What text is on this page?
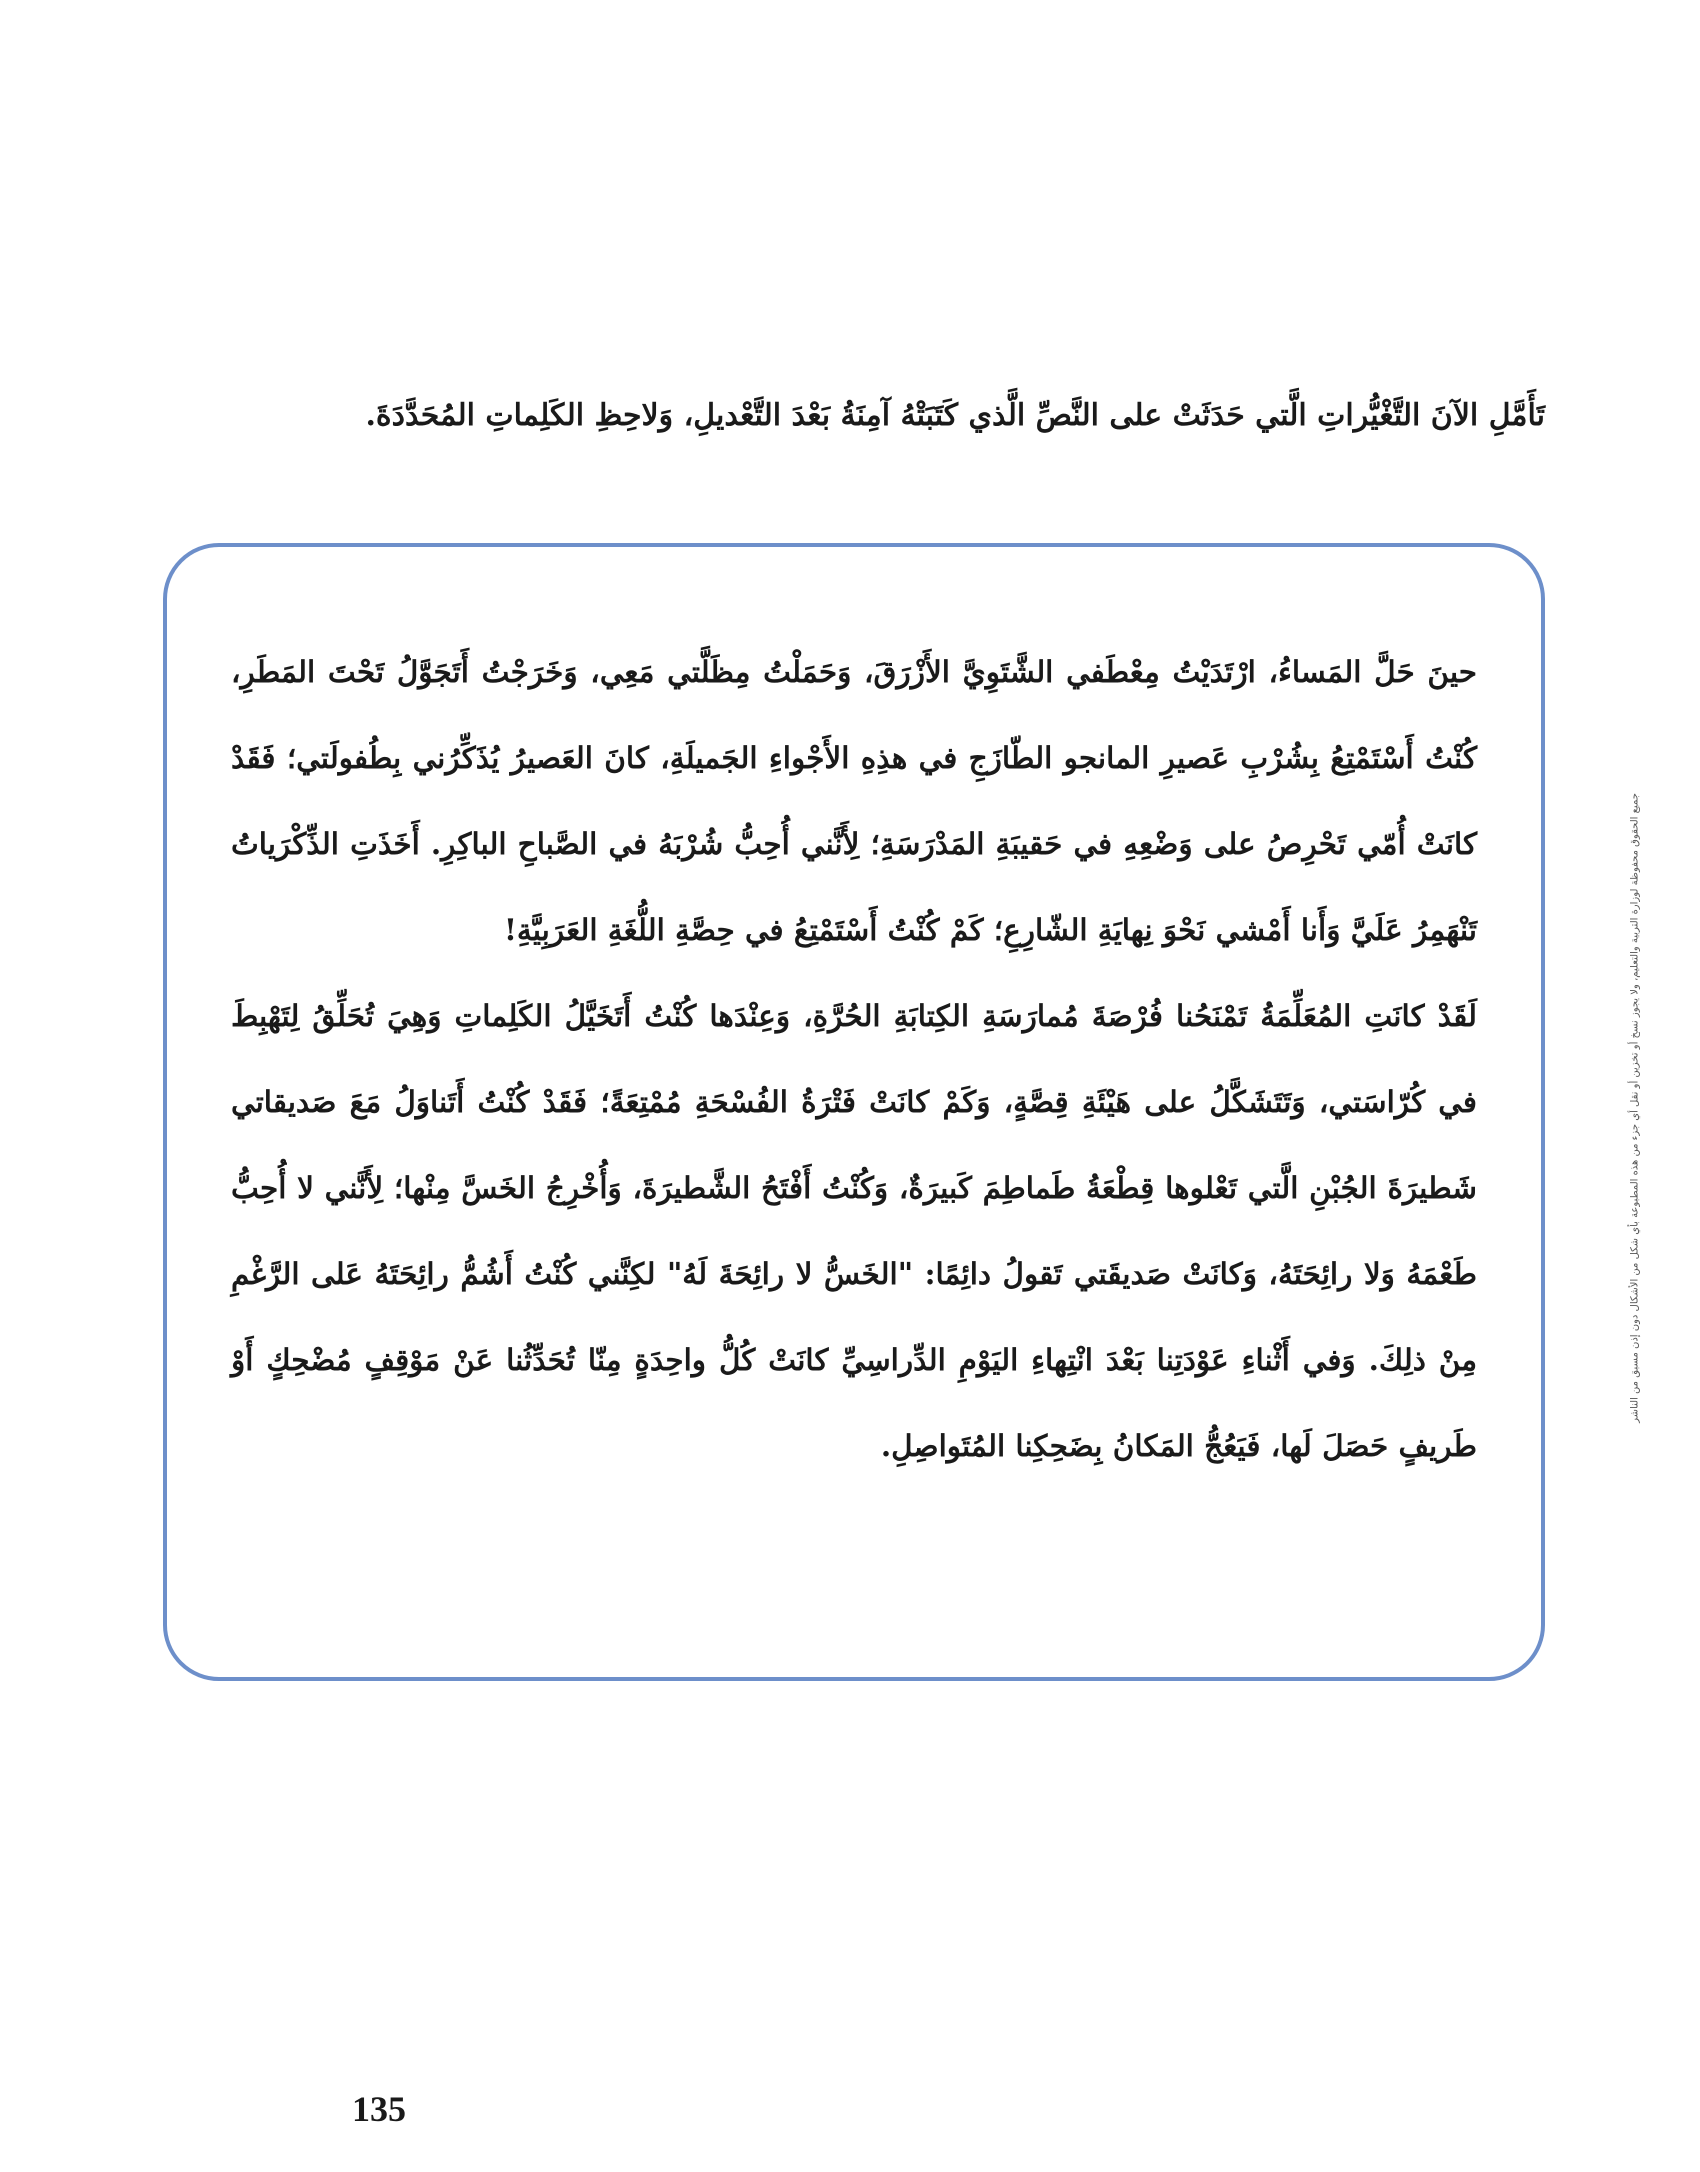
تَأَمَّلِ الآنَ التَّغْيُّراتِ الَّتي حَدَثَتْ على النَّصِّ الَّذي كَتَبَتْهُ آمِنَةُ بَعْدَ التَّعْديلِ، وَلاحِظِ الكَلِماتِ المُحَدَّدَةَ.

حينَ حَلَّ المَساءُ، ارْتَدَيْتُ مِعْطَفي الشَّتَوِيَّ الأَزْرَقَ، وَحَمَلْتُ مِظَلَّتي مَعِي، وَخَرَجْتُ أَتَجَوَّلُ تَحْتَ المَطَرِ، كُنْتُ أَسْتَمْتِعُ بِشُرْبِ عَصيرِ المانجو الطّازَجِ في هذِهِ الأَجْواءِ الجَميلَةِ، كانَ العَصيرُ يُذَكِّرُني بِطُفولَتي؛ فَقَدْ كانَتْ أُمّي تَحْرِصُ على وَضْعِهِ في حَقيبَةِ المَدْرَسَةِ؛ لِأَنَّني أُحِبُّ شُرْبَهُ في الصَّباحِ الباكِرِ. أَخَذَتِ الذِّكْرَياتُ تَنْهَمِرُ عَلَيَّ وَأَنا أَمْشي نَحْوَ نِهايَةِ الشّارِعِ؛ كَمْ كُنْتُ أَسْتَمْتِعُ في حِصَّةِ اللُّغَةِ العَرَبِيَّةِ!

لَقَدْ كانَتِ المُعَلِّمَةُ تَمْنَحُنا فُرْصَةَ مُمارَسَةِ الكِتابَةِ الحُرَّةِ، وَعِنْدَها كُنْتُ أَتَخَيَّلُ الكَلِماتِ وَهِيَ تُحَلِّقُ لِتَهْبِطَ في كُرّاسَتي، وَتَتَشَكَّلُ على هَيْئَةِ قِصَّةٍ، وَكَمْ كانَتْ فَتْرَةُ الفُسْحَةِ مُمْتِعَةً؛ فَقَدْ كُنْتُ أَتَناوَلُ مَعَ صَديقاتي شَطيرَةَ الجُبْنِ الَّتي تَعْلوها قِطْعَةُ طَماطِمَ كَبيرَةٌ، وَكُنْتُ أَفْتَحُ الشَّطيرَةَ، وَأُخْرِجُ الخَسَّ مِنْها؛ لِأَنَّني لا أُحِبُّ طَعْمَهُ وَلا رائِحَتَهُ، وَكانَتْ صَديقَتي تَقولُ دائِمًا: "الخَسُّ لا رائِحَةَ لَهُ" لكِنَّني كُنْتُ أَشُمُّ رائِحَتَهُ عَلى الرَّغْمِ مِنْ ذلِكَ. وَفي أَثْناءِ عَوْدَتِنا بَعْدَ انْتِهاءِ اليَوْمِ الدِّراسِيِّ كانَتْ كُلُّ واحِدَةٍ مِنّا تُحَدِّثُنا عَنْ مَوْقِفٍ مُضْحِكٍ أَوْ طَريفٍ حَصَلَ لَها، فَيَعُجُّ المَكانُ بِضَحِكِنا المُتَواصِلِ.

جميع الحقوق محفوظة لوزارة التربية والتعليم، ولا يجوز نسخ أو تخزين أو نقل أي جزء من هذه المطبوعة بأي شكل من الأشكال دون إذن مسبق من الناشر
135
